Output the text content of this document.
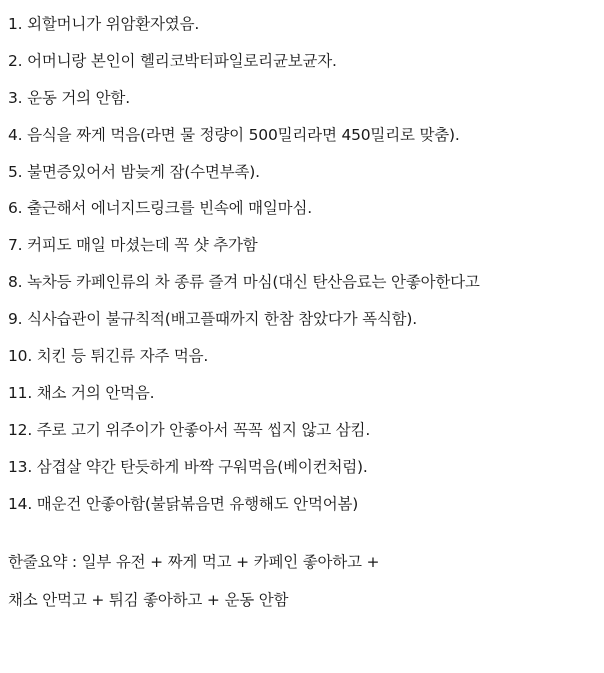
1. 외할머니가 위암환자였음.
2. 어머니랑 본인이 헬리코박터파일로리균보균자.
3. 운동 거의 안함.
4. 음식을 짜게 먹음(라면 물 정량이 500밀리라면 450밀리로 맞춤).
5. 불면증있어서 밤늦게 잠(수면부족).
6. 출근해서 에너지드링크를 빈속에 매일마심.
7. 커피도 매일 마셨는데 꼭 샷 추가함
8. 녹차등 카페인류의 차 종류 즐겨 마심(대신 탄산음료는 안좋아한다고
9. 식사습관이 불규칙적(배고플때까지 한참 참았다가 폭식함).
10. 치킨 등 튀긴류 자주 먹음.
11. 채소 거의 안먹음.
12. 주로 고기 위주이가 안좋아서 꼭꼭 씹지 않고 삼킴.
13. 삼겹살 약간 탄듯하게 바짝 구워먹음(베이컨처럼).
14. 매운건 안좋아함(불닭볶음면 유행해도 안먹어봄)
한줄요약 : 일부 유전 + 짜게 먹고 + 카페인 좋아하고 +
채소 안먹고 + 튀김 좋아하고 + 운동 안함
